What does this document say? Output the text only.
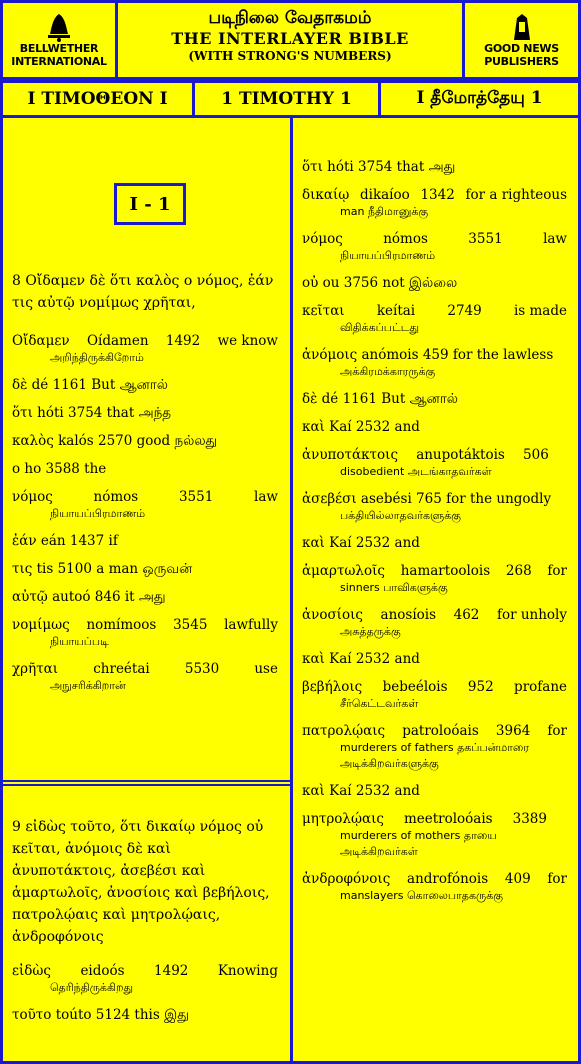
BELLWETHER INTERNATIONAL
படிநிலை வேதாகமம்
THE INTERLAYER BIBLE
(WITH STRONG'S NUMBERS)
GOOD NEWS PUBLISHERS
Ι ΤΙΜΟΘΕΟΝ Ι	1 TIMOTHY 1	I தீமோத்தேயு 1
I - 1
8 Οἴδαμεν δὲ ὅτι καλὸς ο νόμος, ἐάν τις αὐτῷ νομίμως χρῆται,
Οἴδαμεν Oídamen 1492 we know
அறிந்திருக்கிறோம்
δὲ dé 1161 But ஆனால்
ὅτι hóti 3754 that அந்த
καλὸς kalós 2570 good நல்லது
ο ho 3588 the
νόμος	nómos	3551	law
நியாயப்பிரமாணம்
ἐάν eán 1437 if
τις tis 5100 a man ஒருவன்
αὐτῷ autoó 846 it அது
νομίμως nomímoos 3545 lawfully
நியாயப்படி
χρῆται	chreétai	5530	use
அநுசரிக்கிறான்
9 εἰδὼς τοῦτο, ὅτι δικαίῳ νόμος οὐ κεῖται, ἀνόμοις δὲ καὶ ἀνυποτάκτοις, ἀσεβέσι καὶ ἁμαρτωλοῖς, ἀνοσίοις καὶ βεβήλοις, πατρολῴαις καὶ μητρολῴαις, ἀνδροφόνοις
εἰδὼς eidoós 1492 Knowing
தெரிந்திருக்கிறது
τοῦτο toúto 5124 this இது
ὅτι hóti 3754 that அது
δικαίῳ dikaíoo 1342 for a righteous
man நீதிமானுக்கு
νόμος	nómos	3551	law
நியாயப்பிரமாணம்
οὐ ou 3756 not இல்லை
κεῖται keítai 2749 is made
விதிக்கப்பட்டது
ἀνόμοις anómois 459 for the lawless
அக்கிரமக்காரருக்கு
δὲ dé 1161 But ஆனால்
καὶ Kaí 2532 and
ἀνυποτάκτοις anupotáktois 506
disobedient அடங்காதவர்கள்
ἀσεβέσι asebési 765 for the ungodly
பக்தியில்லாதவர்களுக்கு
καὶ Kaí 2532 and
ἁμαρτωλοῖς hamartoolois 268 for
sinners பாவிகளுக்கு
ἀνοσίοις anosíois 462 for unholy
அசுத்தருக்கு
καὶ Kaí 2532 and
βεβήλοις bebeélois 952 profane
சீர்கெட்டவர்கள்
πατρολῴαις patroloóais 3964 for
murderers of fathers தகப்பன்மாரை அடிக்கிறவர்களுக்கு
καὶ Kaí 2532 and
μητρολῴαις meetroloóais 3389
murderers of mothers தாயை அடிக்கிறவர்கள்
ἀνδροφόνοις androfónois 409 for
manslayers கொலைபாதகருக்கு
